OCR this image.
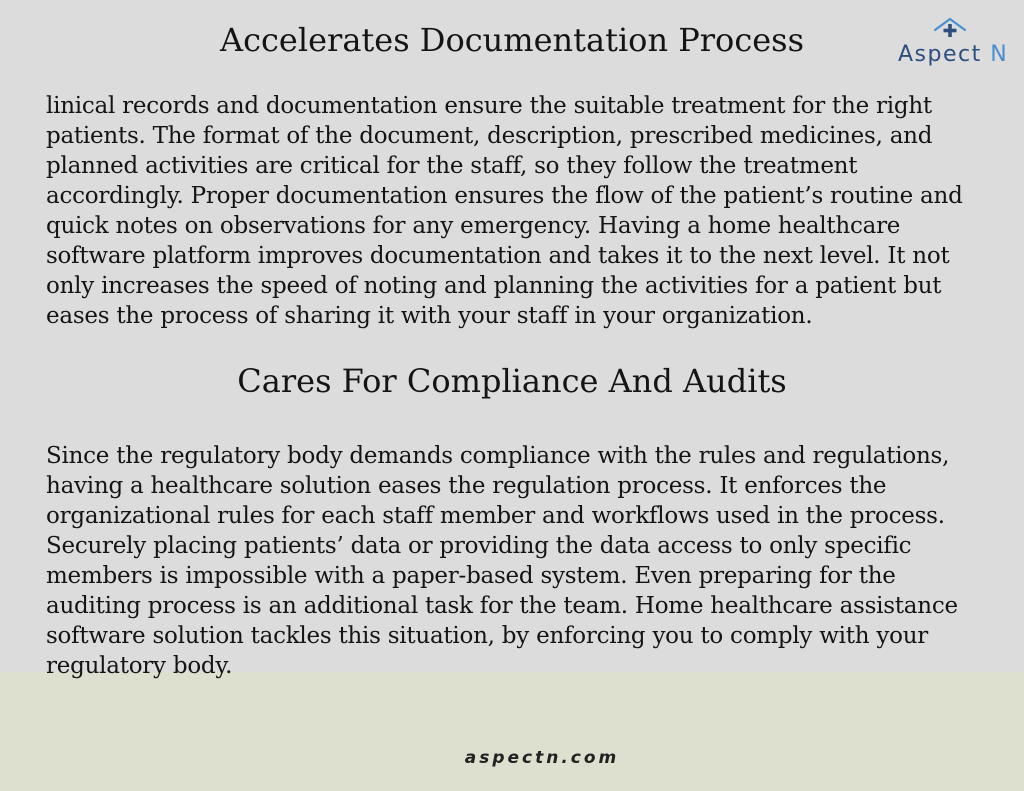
Accelerates Documentation Process	Aspect N

linical records and documentation ensure the suitable treatment for the right patients. The format of the document, description, prescribed medicines, and planned activities are critical for the staff, so they follow the treatment accordingly. Proper documentation ensures the flow of the patient’s routine and quick notes on observations for any emergency. Having a home healthcare software platform improves documentation and takes it to the next level. It not only increases the speed of noting and planning the activities for a patient but eases the process of sharing it with your staff in your organization.

Cares For Compliance And Audits

Since the regulatory body demands compliance with the rules and regulations, having a healthcare solution eases the regulation process. It enforces the organizational rules for each staff member and workflows used in the process. Securely placing patients’ data or providing the data access to only specific members is impossible with a paper-based system. Even preparing for the auditing process is an additional task for the team. Home healthcare assistance software solution tackles this situation, by enforcing you to comply with your regulatory body.

aspectn.com
